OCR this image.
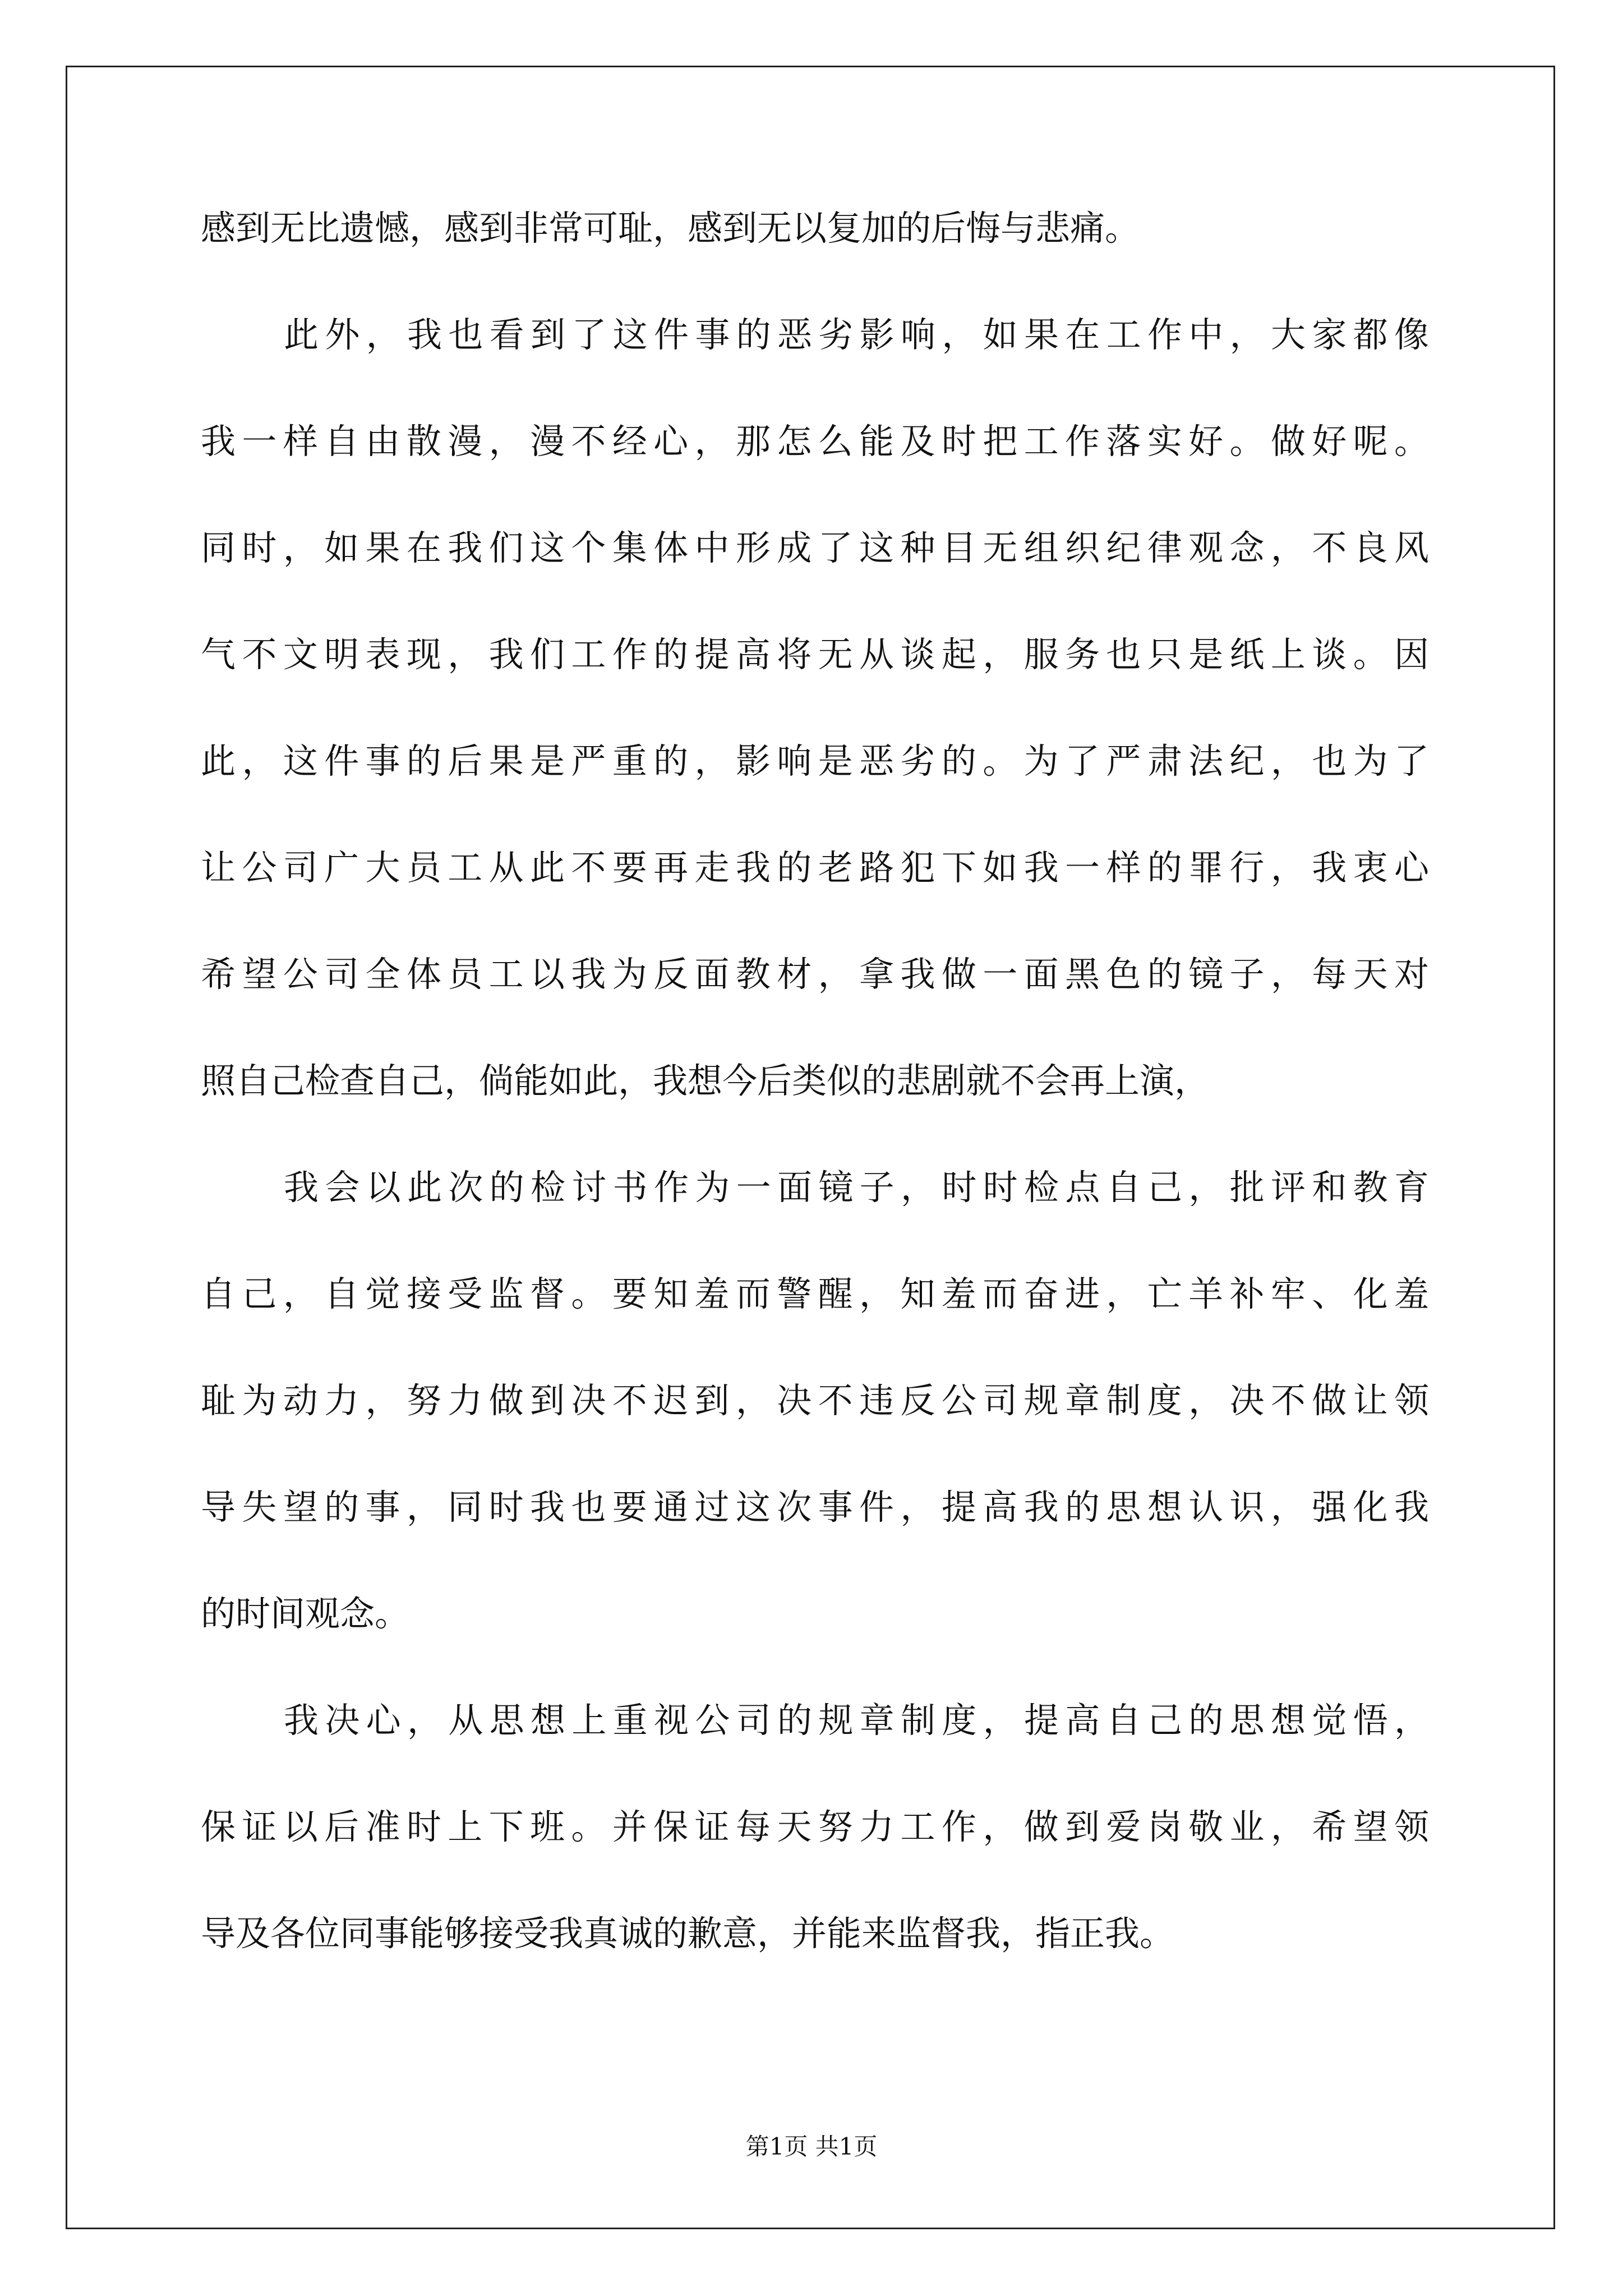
感到无比遗憾，感到非常可耻，感到无以复加的后悔与悲痛。
此外，我也看到了这件事的恶劣影响，如果在工作中，大家都像
我一样自由散漫，漫不经心，那怎么能及时把工作落实好。做好呢。
同时，如果在我们这个集体中形成了这种目无组织纪律观念，不良风
气不文明表现，我们工作的提高将无从谈起，服务也只是纸上谈。因
此，这件事的后果是严重的，影响是恶劣的。为了严肃法纪，也为了
让公司广大员工从此不要再走我的老路犯下如我一样的罪行，我衷心
希望公司全体员工以我为反面教材，拿我做一面黑色的镜子，每天对
照自己检查自己，倘能如此，我想今后类似的悲剧就不会再上演，
我会以此次的检讨书作为一面镜子，时时检点自己，批评和教育
自己，自觉接受监督。要知羞而警醒，知羞而奋进，亡羊补牢、化羞
耻为动力，努力做到决不迟到，决不违反公司规章制度，决不做让领
导失望的事，同时我也要通过这次事件，提高我的思想认识，强化我
的时间观念。
我决心，从思想上重视公司的规章制度，提高自己的思想觉悟，
保证以后准时上下班。并保证每天努力工作，做到爱岗敬业，希望领
导及各位同事能够接受我真诚的歉意，并能来监督我，指正我。
第1页 共1页
